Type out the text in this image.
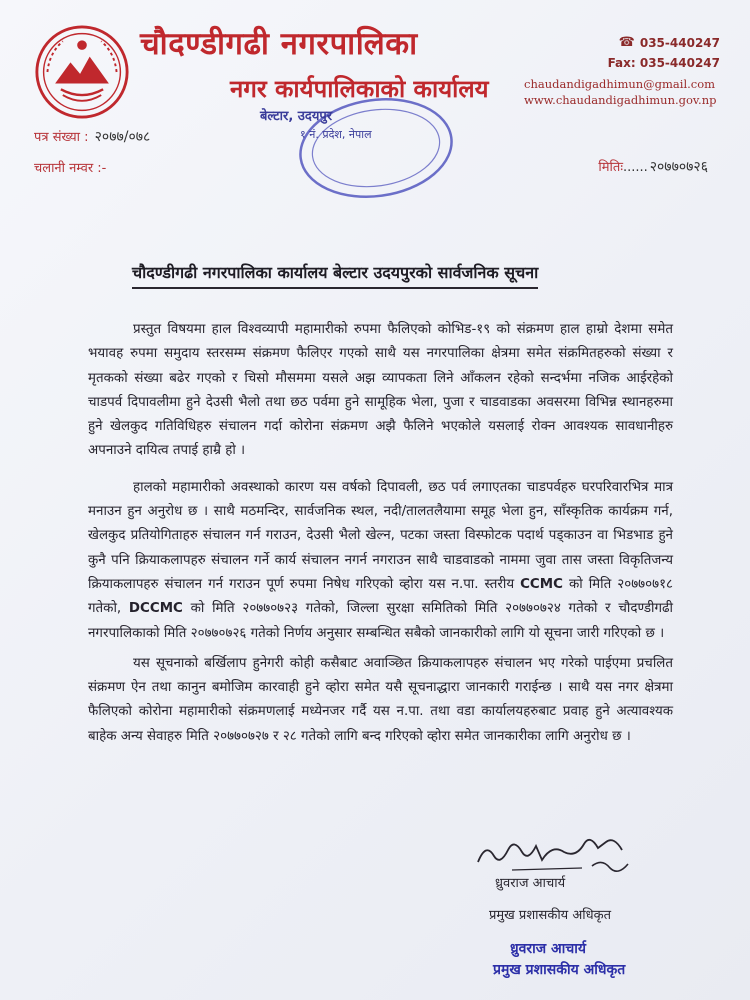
चौदण्डीगढी नगरपालिका
नगर कार्यपालिकाको कार्यालय
☎ 035-440247
Fax: 035-440247
chaudandigadhimun@gmail.com
www.chaudandigadhimun.gov.np
पत्र संख्या : २०७७/०७८
चलानी नम्वर :-	मितिः...... २०७७०७२६
बेल्टार, उदयपुर
१ नं. प्रदेश, नेपाल
चौदण्डीगढी नगरपालिका कार्यालय बेल्टार उदयपुरको सार्वजनिक सूचना

प्रस्तुत विषयमा हाल विश्वव्यापी महामारीको रुपमा फैलिएको कोभिड-१९ को संक्रमण हाल हाम्रो देशमा समेत भयावह रुपमा समुदाय स्तरसम्म संक्रमण फैलिएर गएको साथै यस नगरपालिका क्षेत्रमा समेत संक्रमितहरुको संख्या र मृतकको संख्या बढेर गएको र चिसो मौसममा यसले अझ व्यापकता लिने आँकलन रहेको सन्दर्भमा नजिक आईरहेको चाडपर्व दिपावलीमा हुने देउसी भैलो तथा छठ पर्वमा हुने सामूहिक भेला, पुजा र चाडवाडका अवसरमा विभिन्न स्थानहरुमा हुने खेलकुद गतिविधिहरु संचालन गर्दा कोरोना संक्रमण अझै फैलिने भएकोले यसलाई रोक्न आवश्यक सावधानीहरु अपनाउने दायित्व तपाई हाम्रै हो ।

हालको महामारीको अवस्थाको कारण यस वर्षको दिपावली, छठ पर्व लगाएतका चाडपर्वहरु घरपरिवारभित्र मात्र मनाउन हुन अनुरोध छ । साथै मठमन्दिर, सार्वजनिक स्थल, नदी/तालतलैयामा समूह भेला हुन, साँस्कृतिक कार्यक्रम गर्न, खेलकुद प्रतियोगिताहरु संचालन गर्न गराउन, देउसी भैलो खेल्न, पटका जस्ता विस्फोटक पदार्थ पड्काउन वा भिडभाड हुने कुनै पनि क्रियाकलापहरु संचालन गर्ने कार्य संचालन नगर्न नगराउन साथै चाडवाडको नाममा जुवा तास जस्ता विकृतिजन्य क्रियाकलापहरु संचालन गर्न गराउन पूर्ण रुपमा निषेध गरिएको व्होरा यस न.पा. स्तरीय CCMC को मिति २०७७०७१८ गतेको, DCCMC को मिति २०७७०७२३ गतेको, जिल्ला सुरक्षा समितिको मिति २०७७०७२४ गतेको र चौदण्डीगढी नगरपालिकाको मिति २०७७०७२६ गतेको निर्णय अनुसार सम्बन्धित सबैको जानकारीको लागि यो सूचना जारी गरिएको छ ।

यस सूचनाको बर्खिलाप हुनेगरी कोही कसैबाट अवाञ्छित क्रियाकलापहरु संचालन भए गरेको पाईएमा प्रचलित संक्रमण ऐन तथा कानुन बमोजिम कारवाही हुने व्होरा समेत यसै सूचनाद्धारा जानकारी गराईन्छ । साथै यस नगर क्षेत्रमा फैलिएको कोरोना महामारीको संक्रमणलाई मध्येनजर गर्दै यस न.पा. तथा वडा कार्यालयहरुबाट प्रवाह हुने अत्यावश्यक बाहेक अन्य सेवाहरु मिति २०७७०७२७ र २८ गतेको लागि बन्द गरिएको व्होरा समेत जानकारीका लागि अनुरोध छ ।

ध्रुवराज आचार्य
प्रमुख प्रशासकीय अधिकृत
ध्रुवराज आचार्य
प्रमुख प्रशासकीय अधिकृत
